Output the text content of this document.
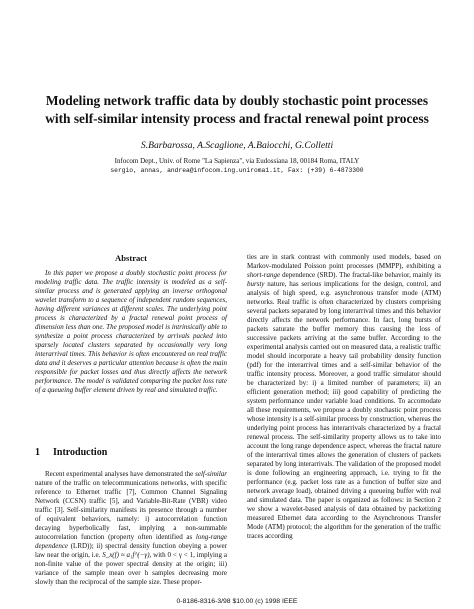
Modeling network traffic data by doubly stochastic point processes
with self-similar intensity process and fractal renewal point process
S.Barbarossa, A.Scaglione, A.Baiocchi, G.Colletti
Infocom Dept., Univ. of Rome "La Sapienza", via Eudossiana 18, 00184 Roma, ITALY
sergio, annas, andrea@infocom.ing.uniroma1.it, Fax: (+39) 6-4873300
Abstract

In this paper we propose a doubly stochastic point process for modeling traffic data. The traffic intensity is modeled as a self-similar process and is generated applying an inverse orthogonal wavelet transform to a sequence of independent random sequences, having different variances at different scales. The underlying point process is characterized by a fractal renewal point process of dimension less than one. The proposed model is intrinsically able to synthesize a point process characterized by arrivals packed into sparsely located clusters separated by occasionally very long interarrival times. This behavior is often encountered on real traffic data and it deserves a particular attention because is often the main responsible for packet losses and thus directly affects the network performance. The model is validated comparing the packet loss rate of a queueing buffer element driven by real and simulated traffic.

1 Introduction

Recent experimental analyses have demonstrated the self-similar nature of the traffic on telecommunications networks, with specific reference to Ethernet traffic [7], Common Channel Signaling Network (CCSN) traffic [5], and Variable-Bit-Rate (VBR) video traffic [3]. Self-similarity manifests its presence through a number of equivalent behaviors, namely: i) autocorrelation function decaying hyperbolically fast, implying a non-summable autocorrelation function (property often identified as long-range dependence (LRD)); ii) spectral density function obeying a power law near the origin, i.e. S_x(f) ≈ a₁f^(−γ), with 0 < γ < 1, implying a non-finite value of the power spectral density at the origin; iii) variance of the sample mean over h samples decreasing more slowly than the reciprocal of the sample size. These proper-

ties are in stark contrast with commonly used models, based on Markov-modulated Poisson point processes (MMPP), exhibiting a short-range dependence (SRD). The fractal-like behavior, mainly its bursty nature, has serious implications for the design, control, and analysis of high speed, e.g. asynchronous transfer mode (ATM) networks. Real traffic is often characterized by clusters comprising several packets separated by long interarrival times and this behavior directly affects the network performance. In fact, long bursts of packets saturate the buffer memory thus causing the loss of successive packets arriving at the same buffer. According to the experimental analysis carried out on measured data, a realistic traffic model should incorporate a heavy tail probability density function (pdf) for the interarrival times and a self-similar behavior of the traffic intensity process. Moreover, a good traffic simulator should be characterized by: i) a limited number of parameters; ii) an efficient generation method; iii) good capability of predicting the system performance under variable load conditions. To accomodate all these requirements, we propose a doubly stochastic point process whose intensity is a self-similar process by construction, whereas the underlying point process has interarrivals characterized by a fractal renewal process. The self-similarity property allows us to take into account the long range dependence aspect, whereas the fractal nature of the interarrival times allows the generation of clusters of packets separated by long interarrivals. The validation of the proposed model is done following an engineering approach, i.e. trying to fit the performance (e.g. packet loss rate as a function of buffer size and network average load), obtained driving a queueing buffer with real and simulated data. The paper is organized as follows: in Section 2 we show a wavelet-based analysis of data obtained by packetizing measured Ethernet data according to the Asynchronous Transfer Mode (ATM) protocol; the algorithm for the generation of the traffic traces according

0-8186-8316-3/98 $10.00 (c) 1998 IEEE
